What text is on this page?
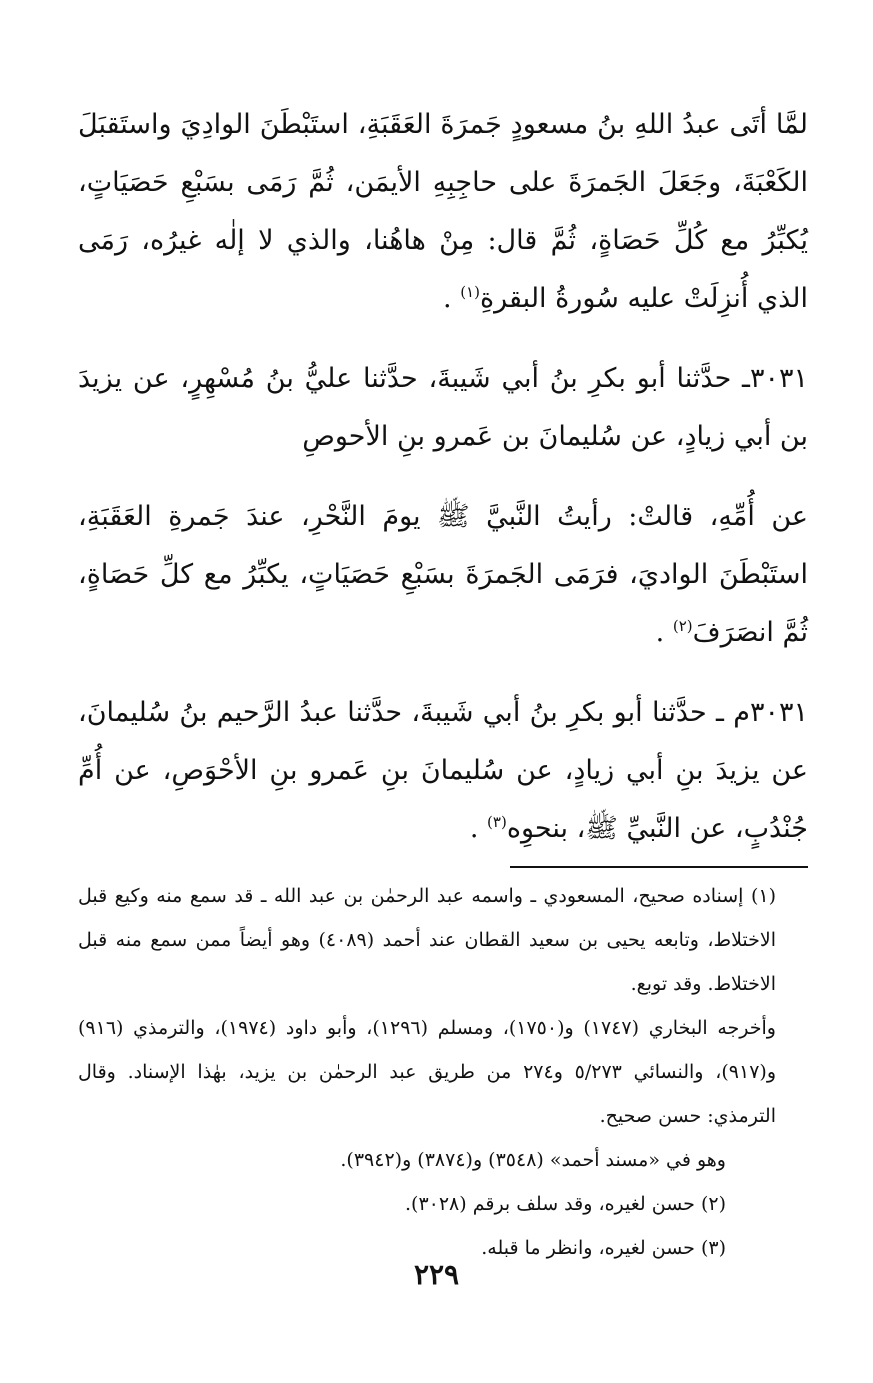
لمَّا أتَى عبدُ اللهِ بنُ مسعودٍ جَمرَةَ العَقَبَةِ، استَبْطَنَ الوادِيَ واستَقبَلَ الكَعْبَةَ، وجَعَلَ الجَمرَةَ على حاجِبِهِ الأيمَن، ثُمَّ رَمَى بسَبْعِ حَصَيَاتٍ، يُكبِّرُ مع كُلِّ حَصَاةٍ، ثُمَّ قال: مِنْ هاهُنا، والذي لا إلٰه غيرُه، رَمَى الذي أُنزِلَتْ عليه سُورةُ البقرةِ$^{(١)}$ .

٣٠٣١ـ حدَّثنا أبو بكرِ بنُ أبي شَيبةَ، حدَّثنا عليُّ بنُ مُسْهِرٍ، عن يزيدَ بن أبي زيادٍ، عن سُليمانَ بن عَمرو بنِ الأحوصِ

عن أُمِّهِ، قالتْ: رأيتُ النَّبيَّ ﷺ يومَ النَّحْرِ، عندَ جَمرةِ العَقَبَةِ، استَبْطَنَ الواديَ، فرَمَى الجَمرَةَ بسَبْعِ حَصَيَاتٍ، يكبِّرُ مع كلِّ حَصَاةٍ، ثُمَّ انصَرَفَ$^{(٢)}$ .

٣٠٣١م ـ حدَّثنا أبو بكرِ بنُ أبي شَيبةَ، حدَّثنا عبدُ الرَّحيم بنُ سُليمانَ، عن يزيدَ بنِ أبي زيادٍ، عن سُليمانَ بنِ عَمرو بنِ الأحْوَصِ، عن أُمِّ جُنْدُبٍ، عن النَّبيِّ ﷺ، بنحوِه$^{(٣)}$ .

(١) إسناده صحيح، المسعودي ـ واسمه عبد الرحمٰن بن عبد الله ـ قد سمع منه وكيع قبل الاختلاط، وتابعه يحيى بن سعيد القطان عند أحمد (٤٠٨٩) وهو أيضاً ممن سمع منه قبل الاختلاط. وقد توبع.

وأخرجه البخاري (١٧٤٧) و(١٧٥٠)، ومسلم (١٢٩٦)، وأبو داود (١٩٧٤)، والترمذي (٩١٦) و(٩١٧)، والنسائي ٥/٢٧٣ و٢٧٤ من طريق عبد الرحمٰن بن يزيد، بهٰذا الإسناد. وقال الترمذي: حسن صحيح.

وهو في «مسند أحمد» (٣٥٤٨) و(٣٨٧٤) و(٣٩٤٢).

(٢) حسن لغيره، وقد سلف برقم (٣٠٢٨).

(٣) حسن لغيره، وانظر ما قبله.

٢٢٩
